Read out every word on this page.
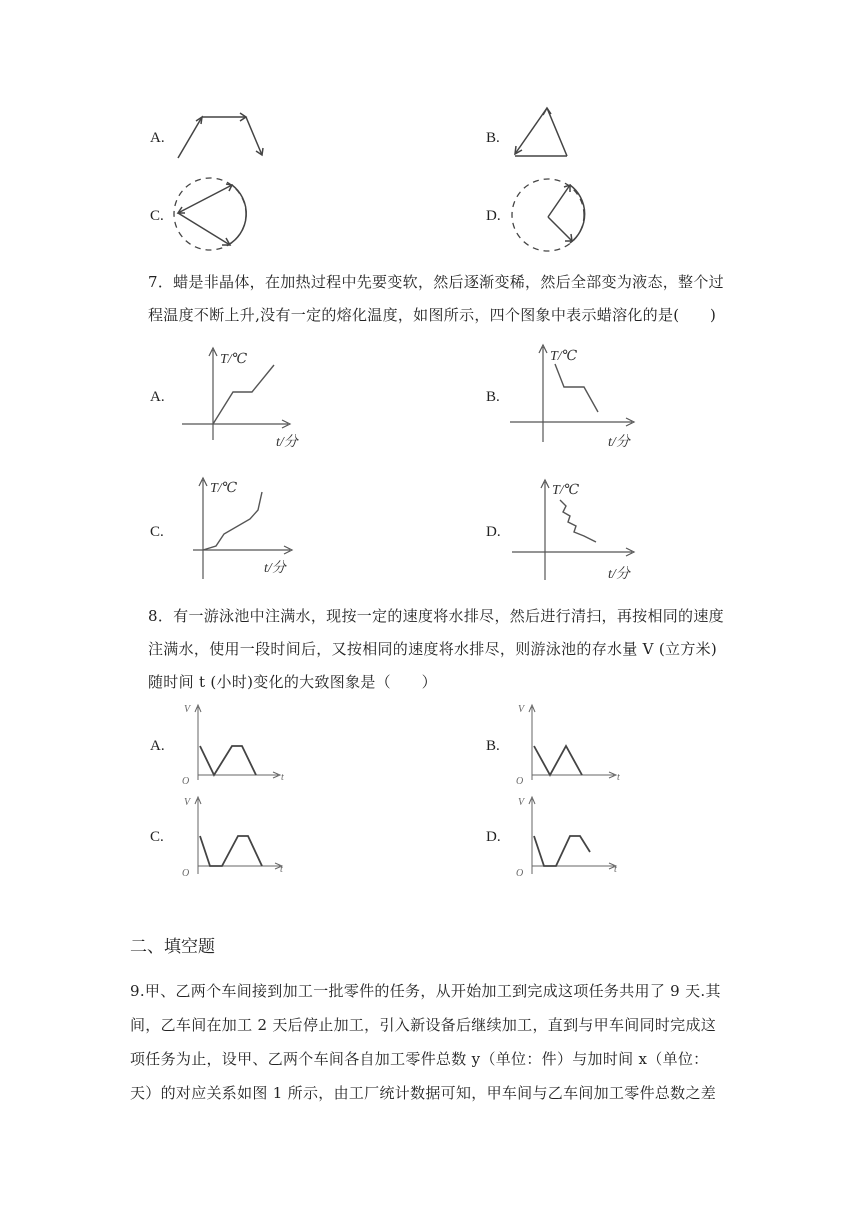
A.	B.
C.	D.
7．蜡是非晶体，在加热过程中先要变软，然后逐渐变稀，然后全部变为液态，整个过
程温度不断上升,没有一定的熔化温度，如图所示，四个图象中表示蜡溶化的是(　　)
A.
T/℃
t/分
B.
T/℃
t/分
C.
T/℃
t/分
D.
T/℃
t/分
8．有一游泳池中注满水，现按一定的速度将水排尽，然后进行清扫，再按相同的速度
注满水，使用一段时间后，又按相同的速度将水排尽，则游泳池的存水量 V (立方米)
随时间 t (小时)变化的大致图象是（　　）
A.
V
t
O
B.
V
t
O
C.
V
t
O
D.
V
t
O
二、填空题
9.甲、乙两个车间接到加工一批零件的任务，从开始加工到完成这项任务共用了 9 天.其
间，乙车间在加工 2 天后停止加工，引入新设备后继续加工，直到与甲车间同时完成这
项任务为止，设甲、乙两个车间各自加工零件总数 y（单位：件）与加时间 x（单位：
天）的对应关系如图 1 所示，由工厂统计数据可知，甲车间与乙车间加工零件总数之差
